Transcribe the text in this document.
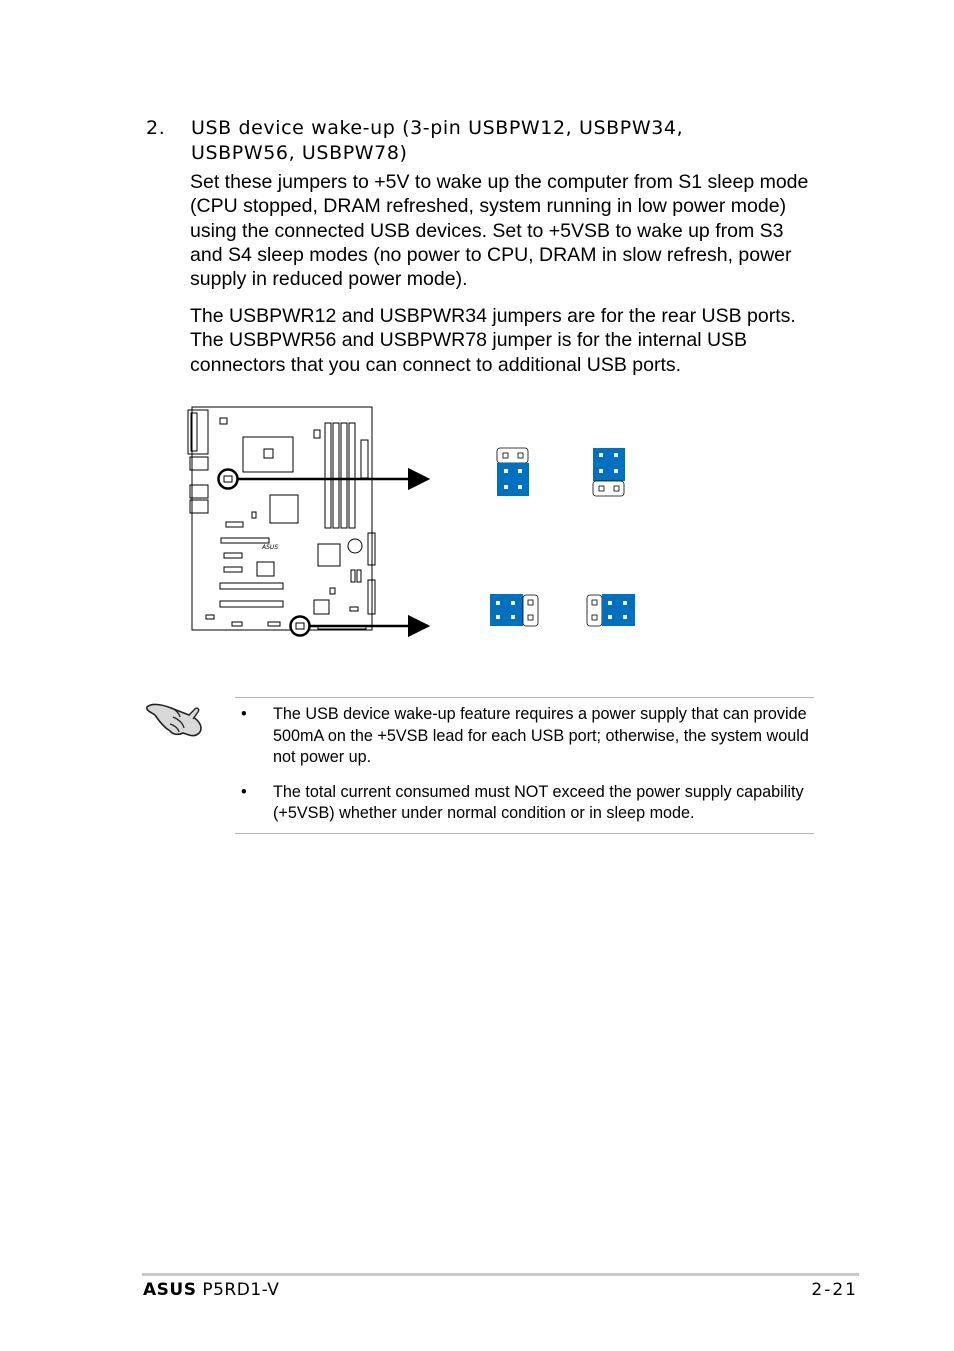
2. USB device wake-up (3-pin USBPW12, USBPW34, USBPW56, USBPW78)
Set these jumpers to +5V to wake up the computer from S1 sleep mode (CPU stopped, DRAM refreshed, system running in low power mode) using the connected USB devices. Set to +5VSB to wake up from S3 and S4 sleep modes (no power to CPU, DRAM in slow refresh, power supply in reduced power mode).
The USBPWR12 and USBPWR34 jumpers are for the rear USB ports. The USBPWR56 and USBPWR78 jumper is for the internal USB connectors that you can connect to additional USB ports.
ASUS
• The USB device wake-up feature requires a power supply that can provide 500mA on the +5VSB lead for each USB port; otherwise, the system would not power up.
• The total current consumed must NOT exceed the power supply capability (+5VSB) whether under normal condition or in sleep mode.
ASUS P5RD1-V	2-21
